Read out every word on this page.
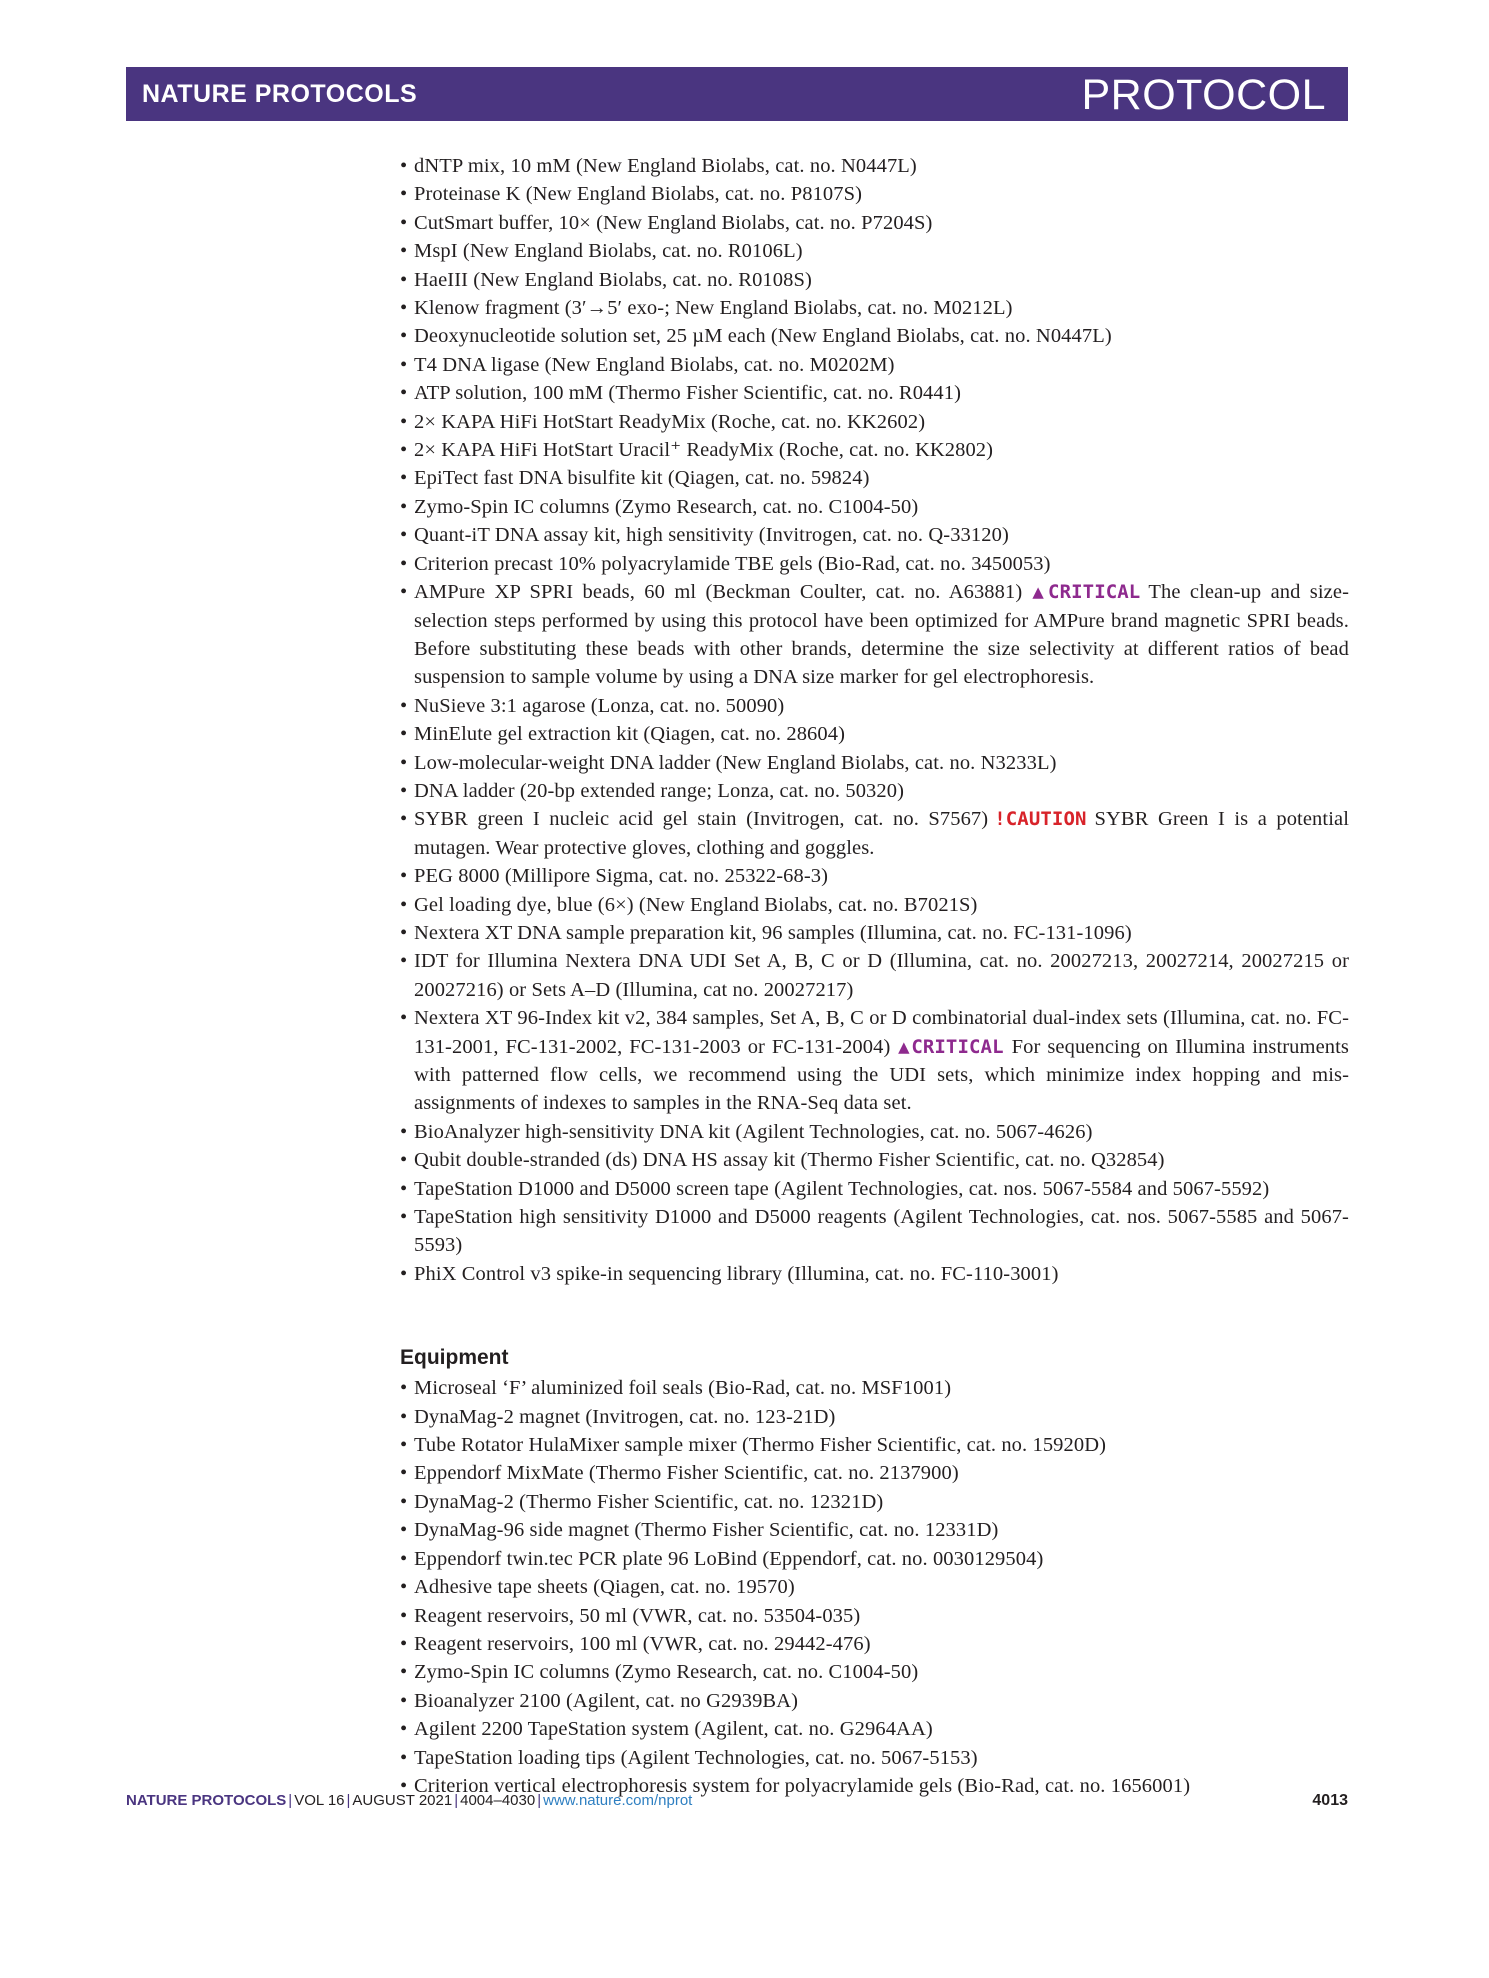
NATURE PROTOCOLS	PROTOCOL
• dNTP mix, 10 mM (New England Biolabs, cat. no. N0447L)
• Proteinase K (New England Biolabs, cat. no. P8107S)
• CutSmart buffer, 10× (New England Biolabs, cat. no. P7204S)
• MspI (New England Biolabs, cat. no. R0106L)
• HaeIII (New England Biolabs, cat. no. R0108S)
• Klenow fragment (3′→5′ exo-; New England Biolabs, cat. no. M0212L)
• Deoxynucleotide solution set, 25 µM each (New England Biolabs, cat. no. N0447L)
• T4 DNA ligase (New England Biolabs, cat. no. M0202M)
• ATP solution, 100 mM (Thermo Fisher Scientific, cat. no. R0441)
• 2× KAPA HiFi HotStart ReadyMix (Roche, cat. no. KK2602)
• 2× KAPA HiFi HotStart Uracil⁺ ReadyMix (Roche, cat. no. KK2802)
• EpiTect fast DNA bisulfite kit (Qiagen, cat. no. 59824)
• Zymo-Spin IC columns (Zymo Research, cat. no. C1004-50)
• Quant-iT DNA assay kit, high sensitivity (Invitrogen, cat. no. Q-33120)
• Criterion precast 10% polyacrylamide TBE gels (Bio-Rad, cat. no. 3450053)
• AMPure XP SPRI beads, 60 ml (Beckman Coulter, cat. no. A63881) ▲CRITICAL The clean-up and size-selection steps performed by using this protocol have been optimized for AMPure brand magnetic SPRI beads. Before substituting these beads with other brands, determine the size selectivity at different ratios of bead suspension to sample volume by using a DNA size marker for gel electrophoresis.
• NuSieve 3:1 agarose (Lonza, cat. no. 50090)
• MinElute gel extraction kit (Qiagen, cat. no. 28604)
• Low-molecular-weight DNA ladder (New England Biolabs, cat. no. N3233L)
• DNA ladder (20-bp extended range; Lonza, cat. no. 50320)
• SYBR green I nucleic acid gel stain (Invitrogen, cat. no. S7567) !CAUTION SYBR Green I is a potential mutagen. Wear protective gloves, clothing and goggles.
• PEG 8000 (Millipore Sigma, cat. no. 25322-68-3)
• Gel loading dye, blue (6×) (New England Biolabs, cat. no. B7021S)
• Nextera XT DNA sample preparation kit, 96 samples (Illumina, cat. no. FC-131-1096)
• IDT for Illumina Nextera DNA UDI Set A, B, C or D (Illumina, cat. no. 20027213, 20027214, 20027215 or 20027216) or Sets A–D (Illumina, cat no. 20027217)
• Nextera XT 96-Index kit v2, 384 samples, Set A, B, C or D combinatorial dual-index sets (Illumina, cat. no. FC-131-2001, FC-131-2002, FC-131-2003 or FC-131-2004) ▲CRITICAL For sequencing on Illumina instruments with patterned flow cells, we recommend using the UDI sets, which minimize index hopping and mis-assignments of indexes to samples in the RNA-Seq data set.
• BioAnalyzer high-sensitivity DNA kit (Agilent Technologies, cat. no. 5067-4626)
• Qubit double-stranded (ds) DNA HS assay kit (Thermo Fisher Scientific, cat. no. Q32854)
• TapeStation D1000 and D5000 screen tape (Agilent Technologies, cat. nos. 5067-5584 and 5067-5592)
• TapeStation high sensitivity D1000 and D5000 reagents (Agilent Technologies, cat. nos. 5067-5585 and 5067-5593)
• PhiX Control v3 spike-in sequencing library (Illumina, cat. no. FC-110-3001)
Equipment
• Microseal ‘F’ aluminized foil seals (Bio-Rad, cat. no. MSF1001)
• DynaMag-2 magnet (Invitrogen, cat. no. 123-21D)
• Tube Rotator HulaMixer sample mixer (Thermo Fisher Scientific, cat. no. 15920D)
• Eppendorf MixMate (Thermo Fisher Scientific, cat. no. 2137900)
• DynaMag-2 (Thermo Fisher Scientific, cat. no. 12321D)
• DynaMag-96 side magnet (Thermo Fisher Scientific, cat. no. 12331D)
• Eppendorf twin.tec PCR plate 96 LoBind (Eppendorf, cat. no. 0030129504)
• Adhesive tape sheets (Qiagen, cat. no. 19570)
• Reagent reservoirs, 50 ml (VWR, cat. no. 53504-035)
• Reagent reservoirs, 100 ml (VWR, cat. no. 29442-476)
• Zymo-Spin IC columns (Zymo Research, cat. no. C1004-50)
• Bioanalyzer 2100 (Agilent, cat. no G2939BA)
• Agilent 2200 TapeStation system (Agilent, cat. no. G2964AA)
• TapeStation loading tips (Agilent Technologies, cat. no. 5067-5153)
• Criterion vertical electrophoresis system for polyacrylamide gels (Bio-Rad, cat. no. 1656001)
NATURE PROTOCOLS | VOL 16 | AUGUST 2021 | 4004–4030 | www.nature.com/nprot	4013
